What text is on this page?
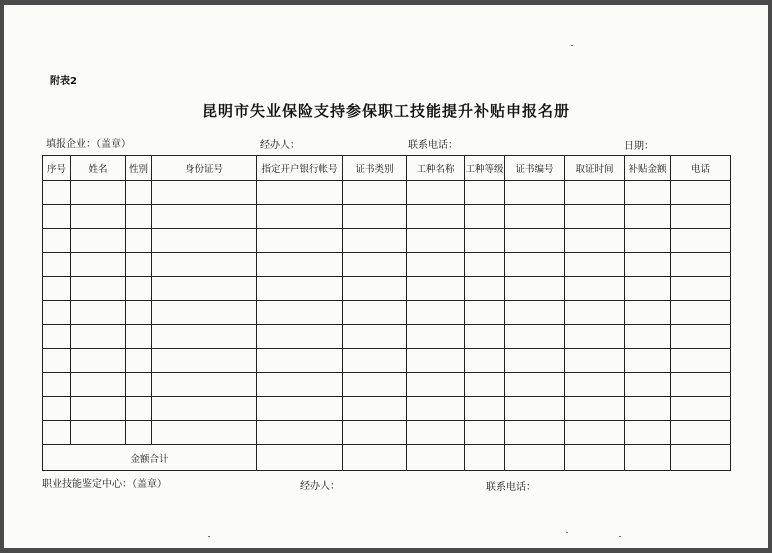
附表2
昆明市失业保险支持参保职工技能提升补贴申报名册
填报企业：（盖章）	经办人：	联系电话：	日期：
序号	姓名	性别	身份证号	指定开户银行帐号	证书类别	工种名称	工种等级	证书编号	取证时间	补贴金额	电话

金额合计											
职业技能鉴定中心：（盖章）	经办人：	联系电话：
